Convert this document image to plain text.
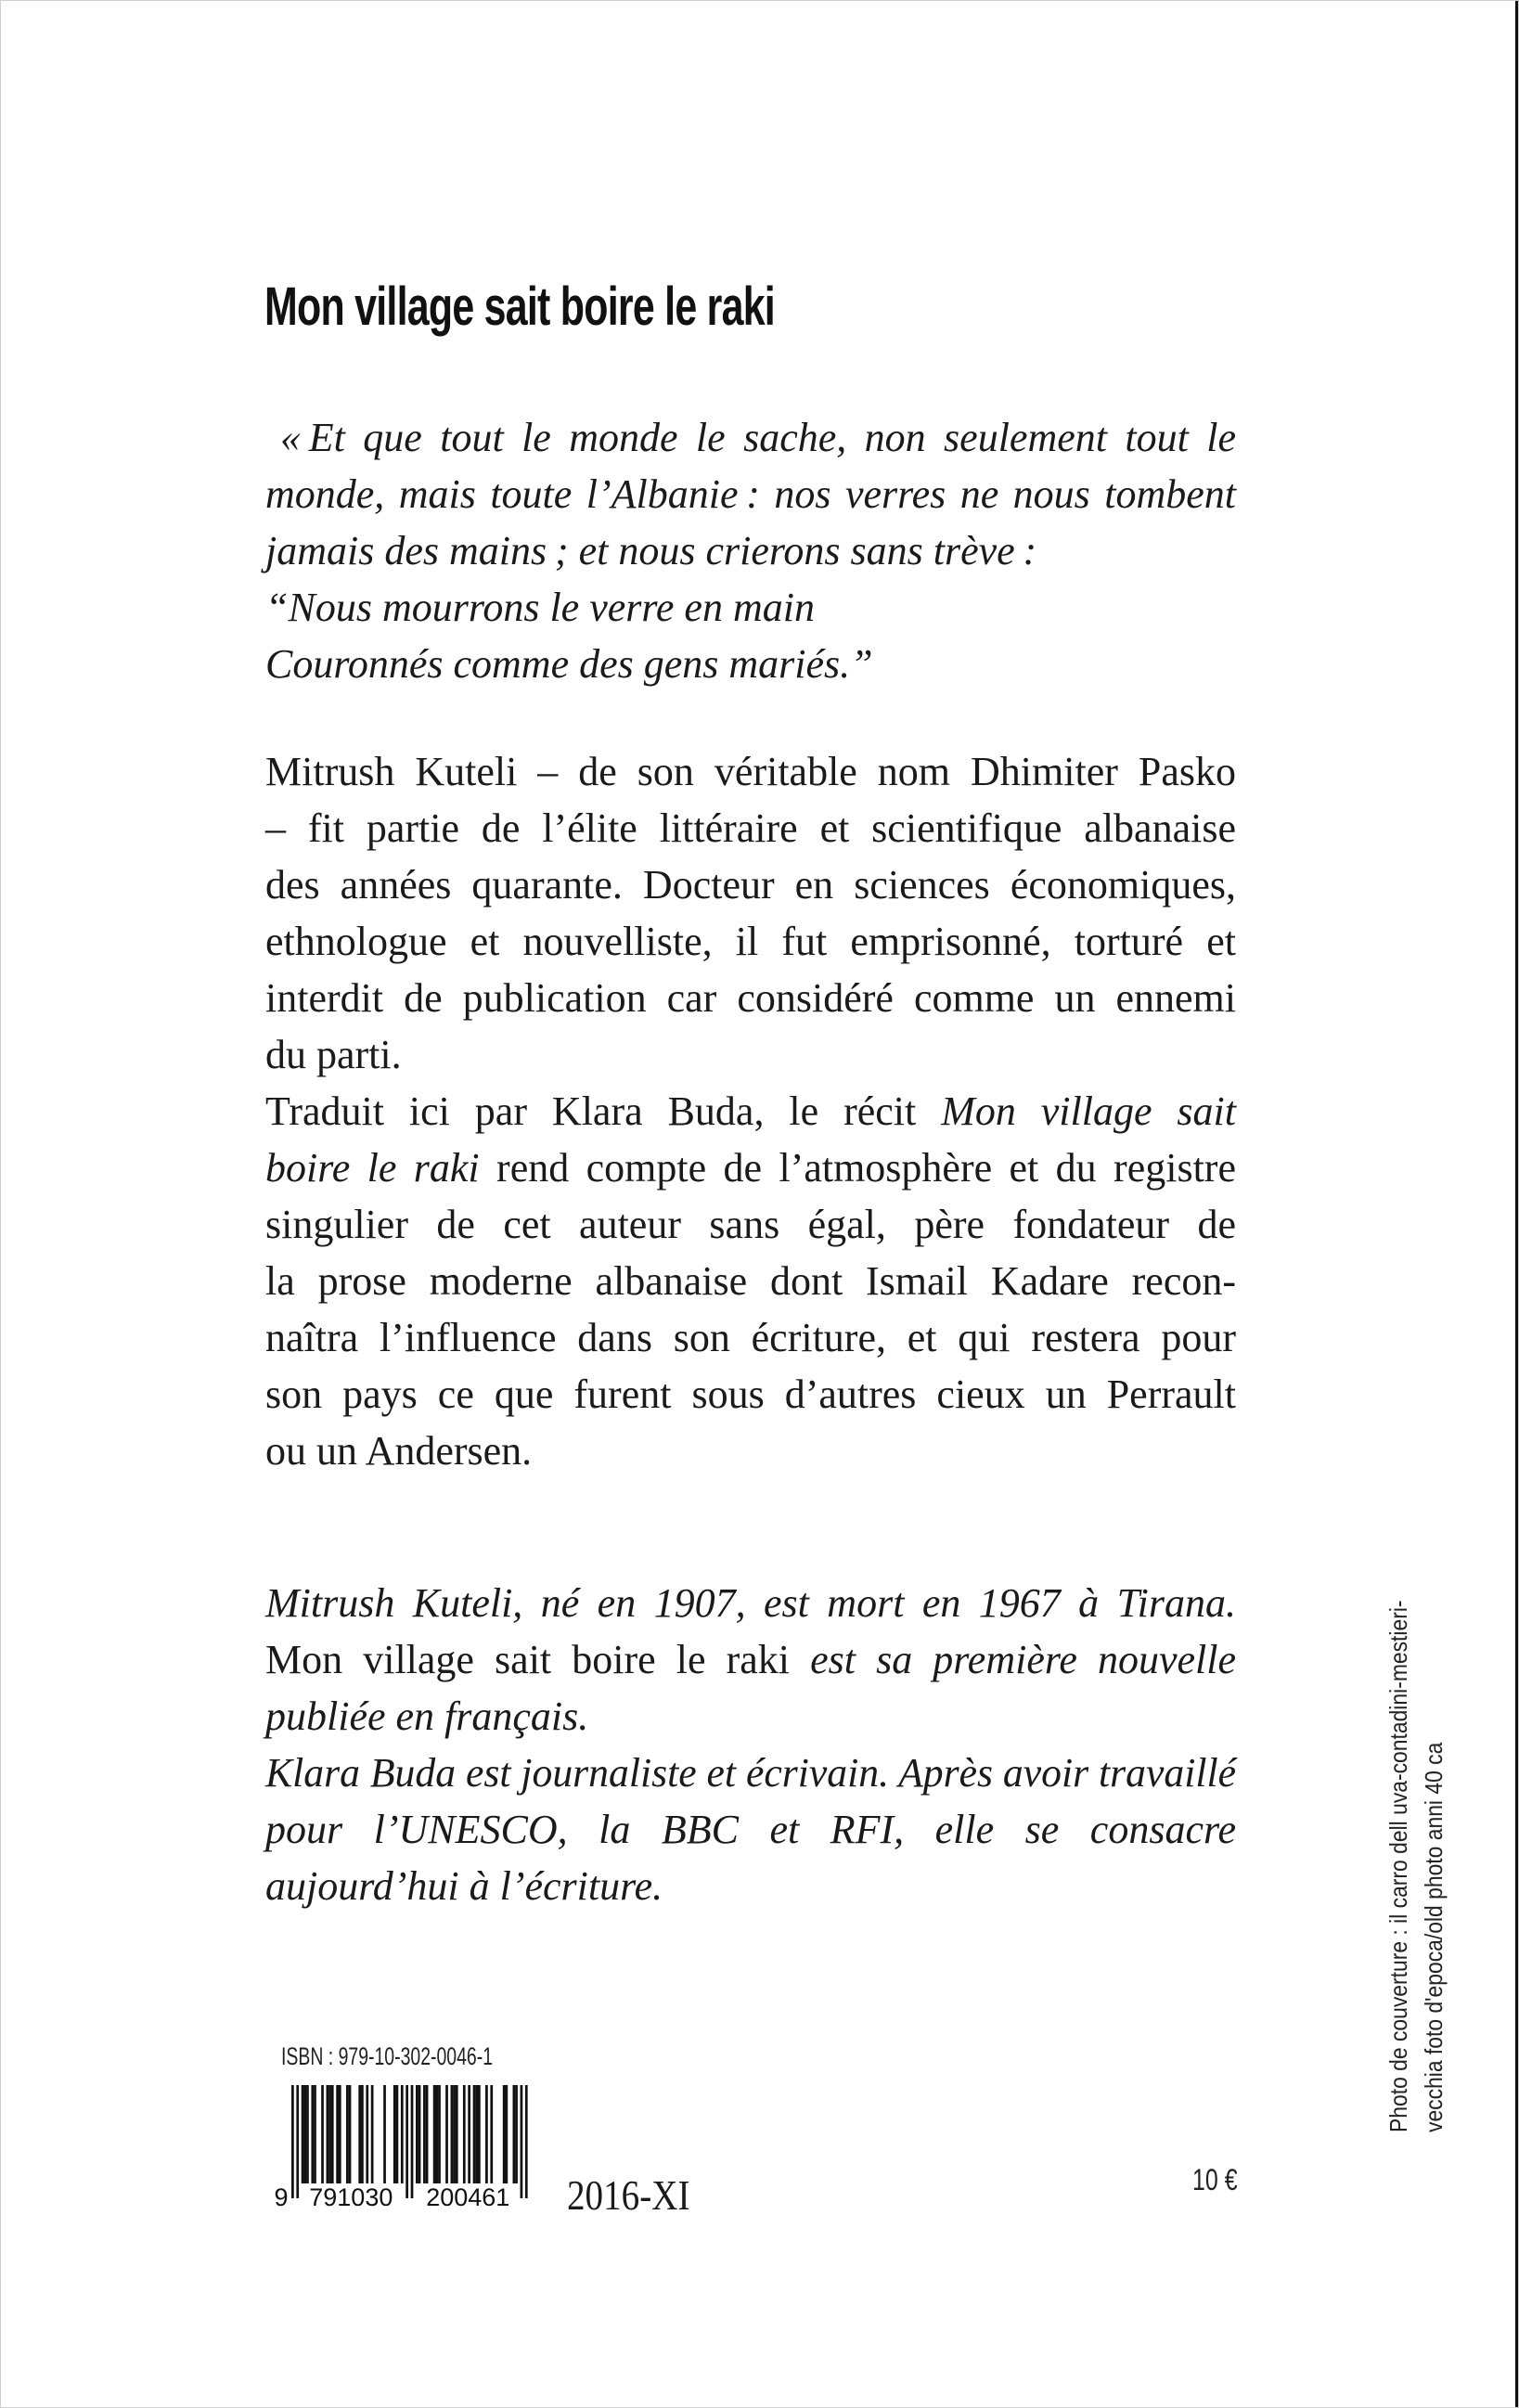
Mon village sait boire le raki
« Et que tout le monde le sache, non seulement tout le
monde, mais toute l’Albanie : nos verres ne nous tombent
jamais des mains ; et nous crierons sans trève :
“Nous mourrons le verre en main
Couronnés comme des gens mariés.”
Mitrush Kuteli – de son véritable nom Dhimiter Pasko
– fit partie de l’élite littéraire et scientifique albanaise
des années quarante. Docteur en sciences économiques,
ethnologue et nouvelliste, il fut emprisonné, torturé et
interdit de publication car considéré comme un ennemi
du parti.
Traduit ici par Klara Buda, le récit Mon village sait
boire le raki rend compte de l’atmosphère et du registre
singulier de cet auteur sans égal, père fondateur de
la prose moderne albanaise dont Ismail Kadare recon-
naîtra l’influence dans son écriture, et qui restera pour
son pays ce que furent sous d’autres cieux un Perrault
ou un Andersen.
Mitrush Kuteli, né en 1907, est mort en 1967 à Tirana.
Mon village sait boire le raki est sa première nouvelle
publiée en français.
Klara Buda est journaliste et écrivain. Après avoir travaillé
pour l’UNESCO, la BBC et RFI, elle se consacre
aujourd’hui à l’écriture.
ISBN : 979-10-302-0046-1
9 791030 200461 2016-XI	10 €
Photo de couverture : il carro dell uva-contadini-mestieri- vecchia foto d'epoca/old photo anni 40 ca
